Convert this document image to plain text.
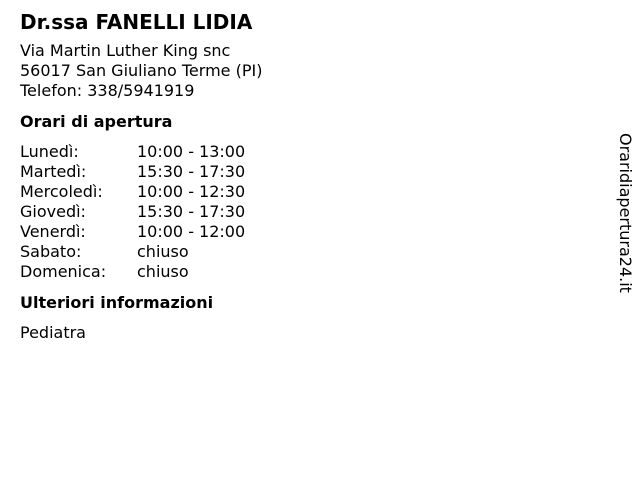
Dr.ssa FANELLI LIDIA
Via Martin Luther King snc
56017 San Giuliano Terme (PI)
Telefon: 338/5941919
Orari di apertura
Lunedì:	10:00 - 13:00
Martedì:	15:30 - 17:30
Mercoledì:	10:00 - 12:30
Giovedì:	15:30 - 17:30
Venerdì:	10:00 - 12:00
Sabato:	chiuso
Domenica:	chiuso
Ulteriori informazioni
Pediatra
Oraridiapertura24.it
